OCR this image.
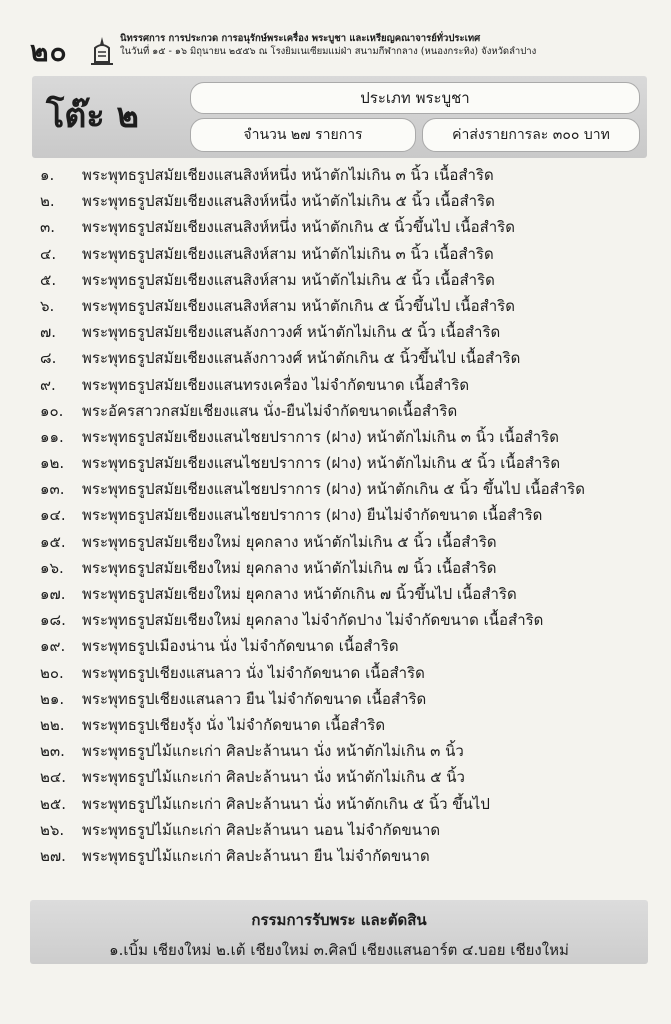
๒๐	นิทรรศการ การประกวด การอนุรักษ์พระเครื่อง พระบูชา และเหรียญคณาจารย์ทั่วประเทศ
ในวันที่ ๑๕ - ๑๖ มิถุนายน ๒๕๕๖ ณ โรงยิมเนเซียมแม่ฝ่า สนามกีฬากลาง (หนองกระทิง) จังหวัดลำปาง
โต๊ะ ๒	ประเภท พระบูชา
จำนวน ๒๗ รายการ	ค่าส่งรายการละ ๓๐๐ บาท
๑.	พระพุทธรูปสมัยเชียงแสนสิงห์หนึ่ง หน้าตักไม่เกิน ๓ นิ้ว เนื้อสำริด
๒.	พระพุทธรูปสมัยเชียงแสนสิงห์หนึ่ง หน้าตักไม่เกิน ๕ นิ้ว เนื้อสำริด
๓.	พระพุทธรูปสมัยเชียงแสนสิงห์หนึ่ง หน้าตักเกิน ๕ นิ้วขึ้นไป เนื้อสำริด
๔.	พระพุทธรูปสมัยเชียงแสนสิงห์สาม หน้าตักไม่เกิน ๓ นิ้ว เนื้อสำริด
๕.	พระพุทธรูปสมัยเชียงแสนสิงห์สาม หน้าตักไม่เกิน ๕ นิ้ว เนื้อสำริด
๖.	พระพุทธรูปสมัยเชียงแสนสิงห์สาม หน้าตักเกิน ๕ นิ้วขึ้นไป เนื้อสำริด
๗.	พระพุทธรูปสมัยเชียงแสนลังกาวงศ์ หน้าตักไม่เกิน ๕ นิ้ว เนื้อสำริด
๘.	พระพุทธรูปสมัยเชียงแสนลังกาวงศ์ หน้าตักเกิน ๕ นิ้วขึ้นไป เนื้อสำริด
๙.	พระพุทธรูปสมัยเชียงแสนทรงเครื่อง ไม่จำกัดขนาด เนื้อสำริด
๑๐.	พระอัครสาวกสมัยเชียงแสน นั่ง-ยืนไม่จำกัดขนาดเนื้อสำริด
๑๑.	พระพุทธรูปสมัยเชียงแสนไชยปราการ (ฝาง) หน้าตักไม่เกิน ๓ นิ้ว เนื้อสำริด
๑๒.	พระพุทธรูปสมัยเชียงแสนไชยปราการ (ฝาง) หน้าตักไม่เกิน ๕ นิ้ว เนื้อสำริด
๑๓.	พระพุทธรูปสมัยเชียงแสนไชยปราการ (ฝาง) หน้าตักเกิน ๕ นิ้ว ขึ้นไป เนื้อสำริด
๑๔.	พระพุทธรูปสมัยเชียงแสนไชยปราการ (ฝาง) ยืนไม่จำกัดขนาด เนื้อสำริด
๑๕.	พระพุทธรูปสมัยเชียงใหม่ ยุคกลาง หน้าตักไม่เกิน ๕ นิ้ว เนื้อสำริด
๑๖.	พระพุทธรูปสมัยเชียงใหม่ ยุคกลาง หน้าตักไม่เกิน ๗ นิ้ว เนื้อสำริด
๑๗.	พระพุทธรูปสมัยเชียงใหม่ ยุคกลาง หน้าตักเกิน ๗ นิ้วขึ้นไป เนื้อสำริด
๑๘.	พระพุทธรูปสมัยเชียงใหม่ ยุคกลาง ไม่จำกัดปาง ไม่จำกัดขนาด เนื้อสำริด
๑๙.	พระพุทธรูปเมืองน่าน นั่ง ไม่จำกัดขนาด เนื้อสำริด
๒๐.	พระพุทธรูปเชียงแสนลาว นั่ง ไม่จำกัดขนาด เนื้อสำริด
๒๑.	พระพุทธรูปเชียงแสนลาว ยืน ไม่จำกัดขนาด เนื้อสำริด
๒๒.	พระพุทธรูปเชียงรุ้ง นั่ง ไม่จำกัดขนาด เนื้อสำริด
๒๓.	พระพุทธรูปไม้แกะเก่า ศิลปะล้านนา นั่ง หน้าตักไม่เกิน ๓ นิ้ว
๒๔.	พระพุทธรูปไม้แกะเก่า ศิลปะล้านนา นั่ง หน้าตักไม่เกิน ๕ นิ้ว
๒๕.	พระพุทธรูปไม้แกะเก่า ศิลปะล้านนา นั่ง หน้าตักเกิน ๕ นิ้ว ขึ้นไป
๒๖.	พระพุทธรูปไม้แกะเก่า ศิลปะล้านนา นอน ไม่จำกัดขนาด
๒๗.	พระพุทธรูปไม้แกะเก่า ศิลปะล้านนา ยืน ไม่จำกัดขนาด
กรรมการรับพระ และตัดสิน
๑.เบิ้ม เชียงใหม่ ๒.เต้ เชียงใหม่ ๓.ศิลป์ เชียงแสนอาร์ต ๔.บอย เชียงใหม่
